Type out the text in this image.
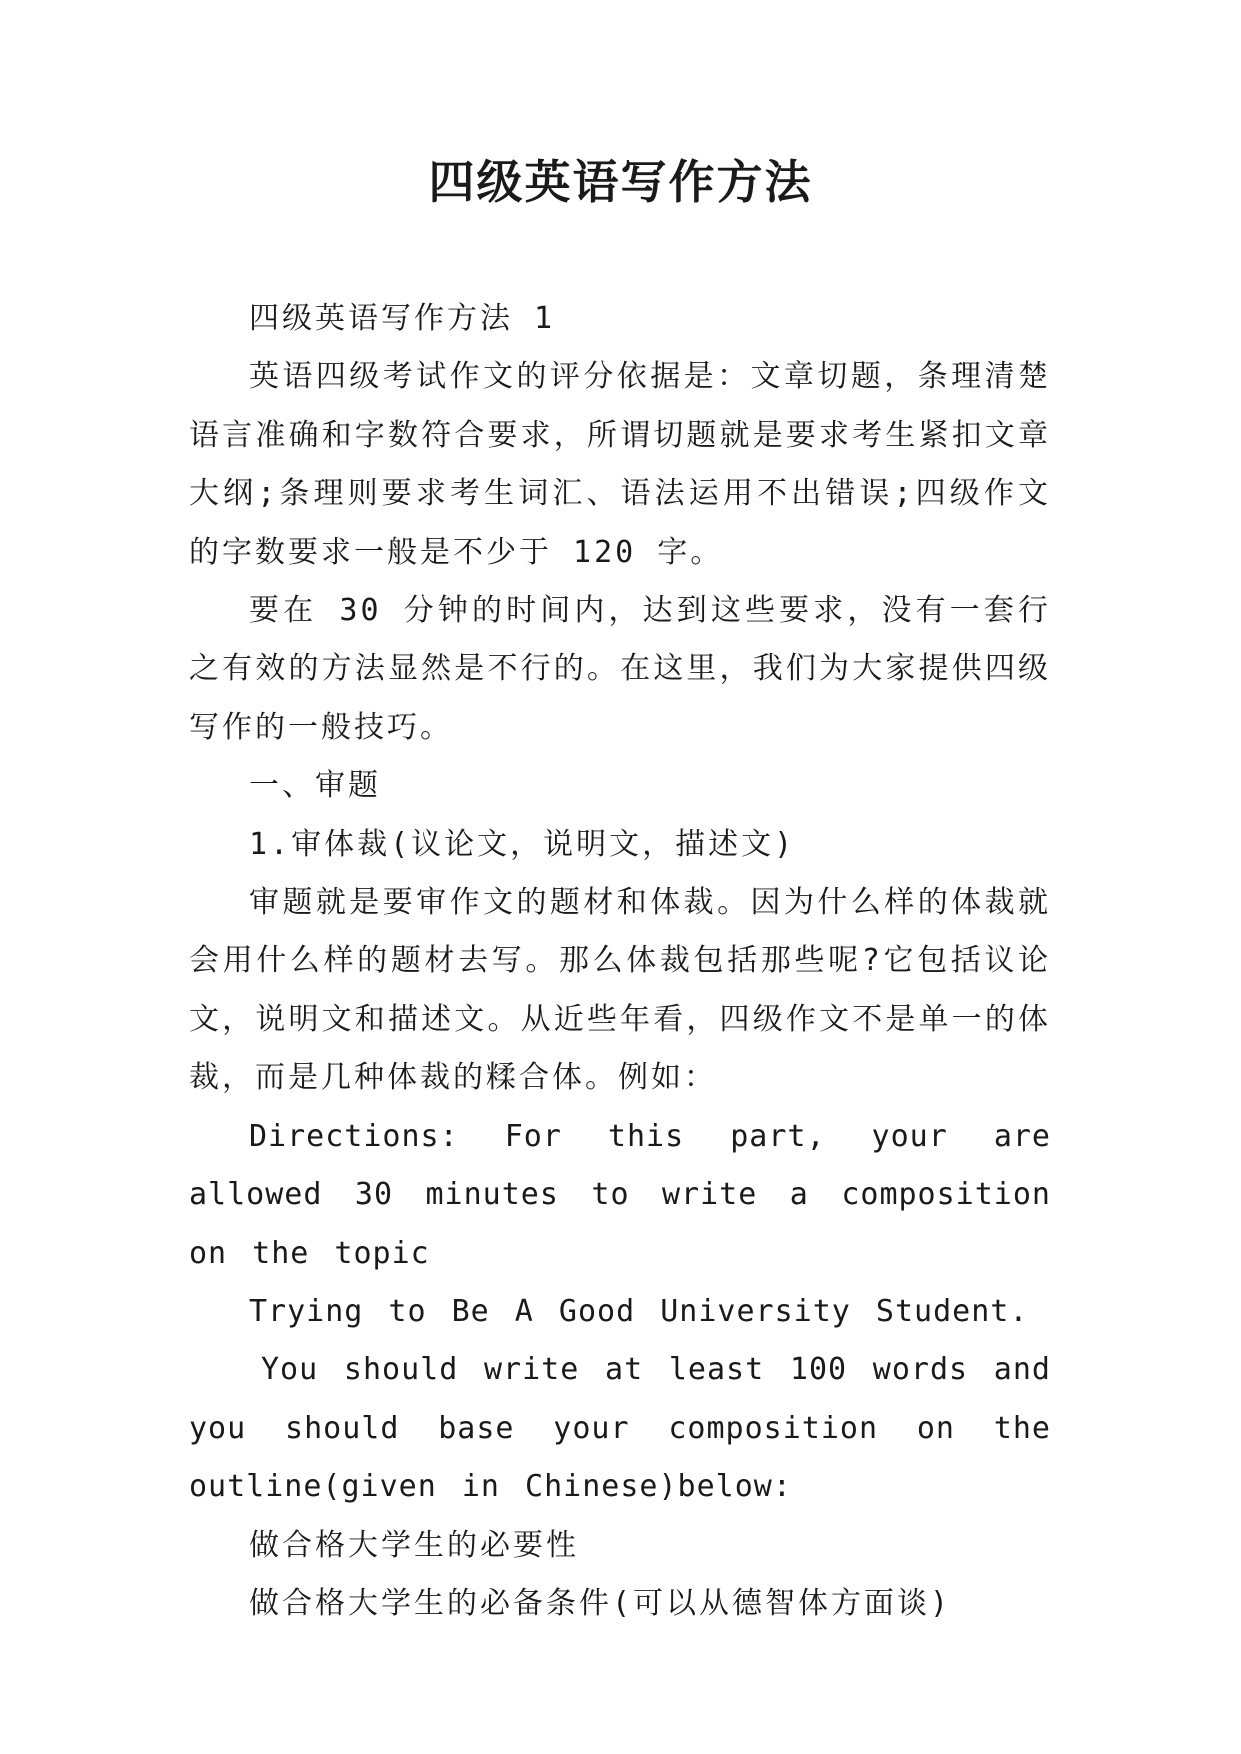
四级英语写作方法

四级英语写作方法 1

英语四级考试作文的评分依据是：文章切题，条理清楚语言准确和字数符合要求，所谓切题就是要求考生紧扣文章大纲;条理则要求考生词汇、语法运用不出错误;四级作文的字数要求一般是不少于 120 字。

要在 30 分钟的时间内，达到这些要求，没有一套行之有效的方法显然是不行的。在这里，我们为大家提供四级写作的一般技巧。

一、审题

1.审体裁(议论文，说明文，描述文)

审题就是要审作文的题材和体裁。因为什么样的体裁就会用什么样的题材去写。那么体裁包括那些呢?它包括议论文，说明文和描述文。从近些年看，四级作文不是单一的体裁，而是几种体裁的糅合体。例如：

Directions: For this part, your are allowed 30 minutes to write a composition on the topic

Trying to Be A Good University Student.

You should write at least 100 words and you should base your composition on the outline(given in Chinese)below:

做合格大学生的必要性

做合格大学生的必备条件(可以从德智体方面谈)
